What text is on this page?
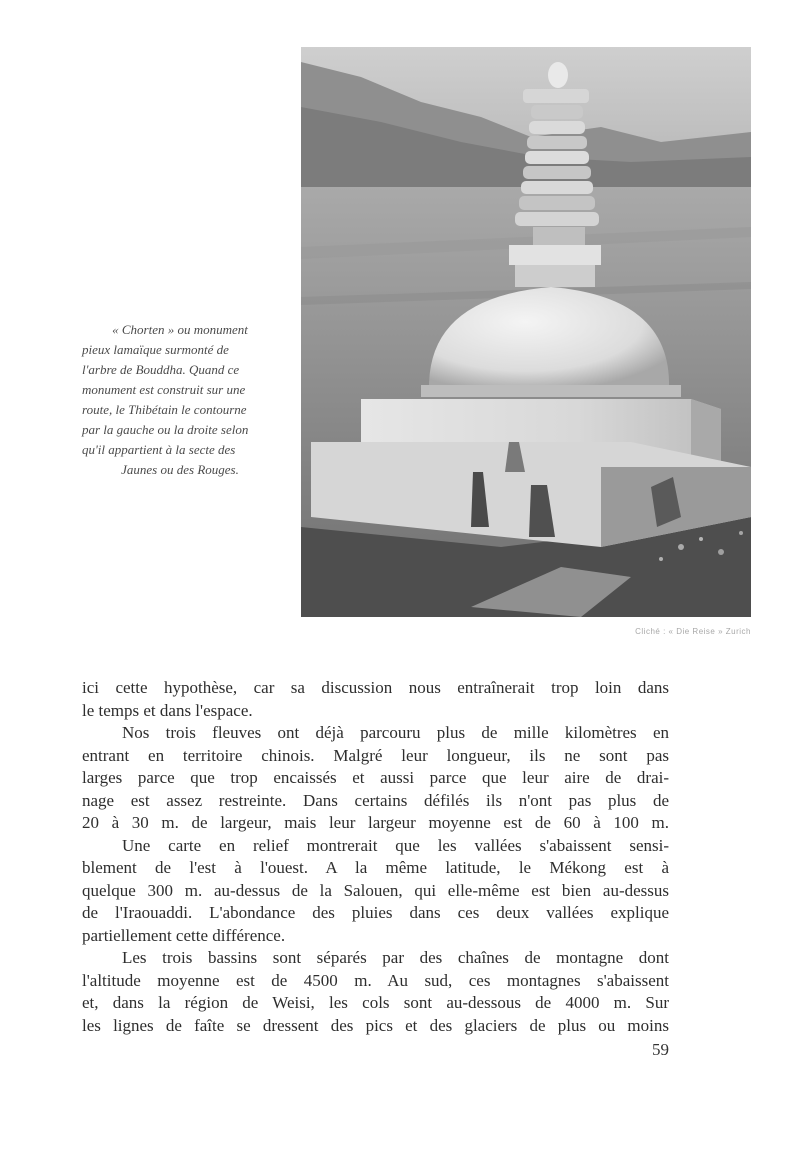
« Chorten » ou monument
pieux lamaïque surmonté de
l'arbre de Bouddha. Quand ce
monument est construit sur une
route, le Thibétain le contourne
par la gauche ou la droite selon
qu'il appartient à la secte des
Jaunes ou des Rouges.
Cliché : « Die Reise » Zurich
ici cette hypothèse, car sa discussion nous entraînerait trop loin dans
le temps et dans l'espace.
Nos trois fleuves ont déjà parcouru plus de mille kilomètres en
entrant en territoire chinois. Malgré leur longueur, ils ne sont pas
larges parce que trop encaissés et aussi parce que leur aire de drai-
nage est assez restreinte. Dans certains défilés ils n'ont pas plus de
20 à 30 m. de largeur, mais leur largeur moyenne est de 60 à 100 m.
Une carte en relief montrerait que les vallées s'abaissent sensi-
blement de l'est à l'ouest. A la même latitude, le Mékong est à
quelque 300 m. au-dessus de la Salouen, qui elle-même est bien au-dessus
de l'Iraouaddi. L'abondance des pluies dans ces deux vallées explique
partiellement cette différence.
Les trois bassins sont séparés par des chaînes de montagne dont
l'altitude moyenne est de 4500 m. Au sud, ces montagnes s'abaissent
et, dans la région de Weisi, les cols sont au-dessous de 4000 m. Sur
les lignes de faîte se dressent des pics et des glaciers de plus ou moins
59
